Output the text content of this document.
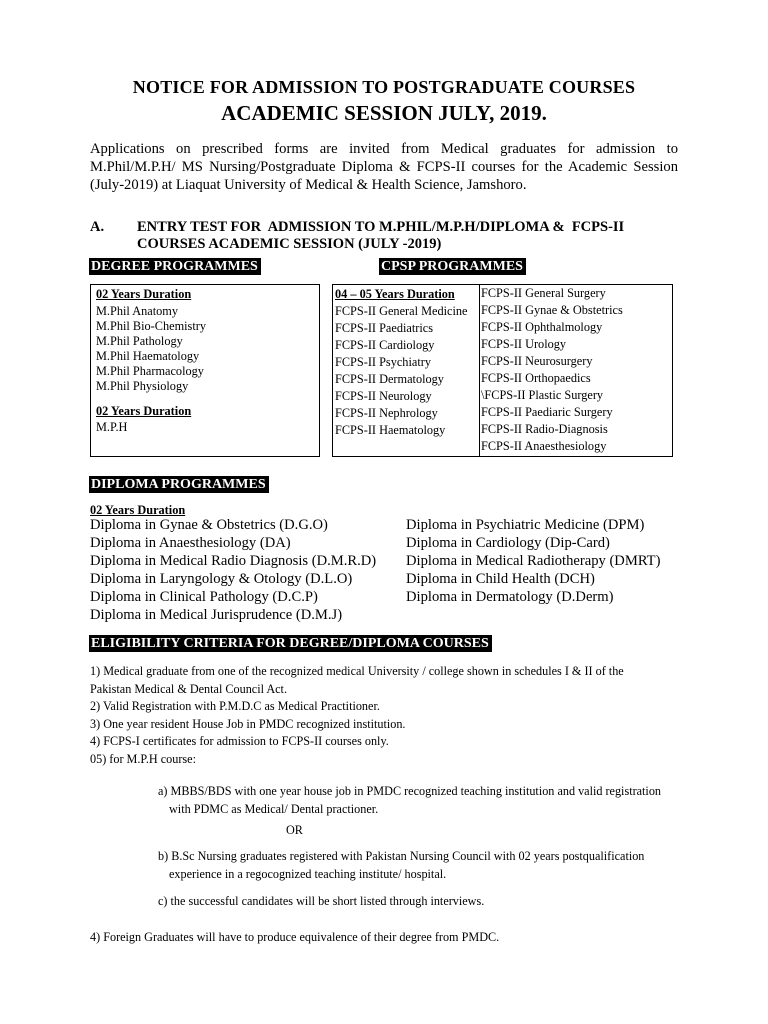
NOTICE FOR ADMISSION TO POSTGRADUATE COURSES
ACADEMIC SESSION JULY, 2019.
Applications on prescribed forms are invited from Medical graduates for admission to M.Phil/M.P.H/ MS Nursing/Postgraduate Diploma & FCPS-II courses for the Academic Session (July-2019) at Liaquat University of Medical & Health Science, Jamshoro.
A. ENTRY TEST FOR  ADMISSION TO M.PHIL/M.P.H/DIPLOMA &  FCPS-II
COURSES ACADEMIC SESSION (JULY -2019)
DEGREE PROGRAMMES	CPSP PROGRAMMES
02 Years Duration
M.Phil Anatomy
M.Phil Bio-Chemistry
M.Phil Pathology
M.Phil Haematology
M.Phil Pharmacology
M.Phil Physiology
02 Years Duration
M.P.H
04 – 05 Years Duration
FCPS-II General Medicine
FCPS-II Paediatrics
FCPS-II Cardiology
FCPS-II Psychiatry
FCPS-II Dermatology
FCPS-II Neurology
FCPS-II Nephrology
FCPS-II Haematology
FCPS-II General Surgery
FCPS-II Gynae & Obstetrics
FCPS-II Ophthalmology
FCPS-II Urology
FCPS-II Neurosurgery
FCPS-II Orthopaedics
\FCPS-II Plastic Surgery
FCPS-II Paediaric Surgery
FCPS-II Radio-Diagnosis
FCPS-II Anaesthesiology
DIPLOMA PROGRAMMES
02 Years Duration
Diploma in Gynae & Obstetrics (D.G.O)
Diploma in Anaesthesiology (DA)
Diploma in Medical Radio Diagnosis (D.M.R.D)
Diploma in Laryngology & Otology (D.L.O)
Diploma in Clinical Pathology (D.C.P)
Diploma in Medical Jurisprudence (D.M.J)
Diploma in Psychiatric Medicine (DPM)
Diploma in Cardiology (Dip-Card)
Diploma in Medical Radiotherapy (DMRT)
Diploma in Child Health (DCH)
Diploma in Dermatology (D.Derm)
ELIGIBILITY CRITERIA FOR DEGREE/DIPLOMA COURSES
1) Medical graduate from one of the recognized medical University / college shown in schedules I & II of the
Pakistan Medical & Dental Council Act.
2) Valid Registration with P.M.D.C as Medical Practitioner.
3) One year resident House Job in PMDC recognized institution.
4) FCPS-I certificates for admission to FCPS-II courses only.
05) for M.P.H course:
a) MBBS/BDS with one year house job in PMDC recognized teaching institution and valid registration
with PDMC as Medical/ Dental practioner.
OR
b) B.Sc Nursing graduates registered with Pakistan Nursing Council with 02 years postqualification
experience in a regocognized teaching institute/ hospital.
c) the successful candidates will be short listed through interviews.
4) Foreign Graduates will have to produce equivalence of their degree from PMDC.
